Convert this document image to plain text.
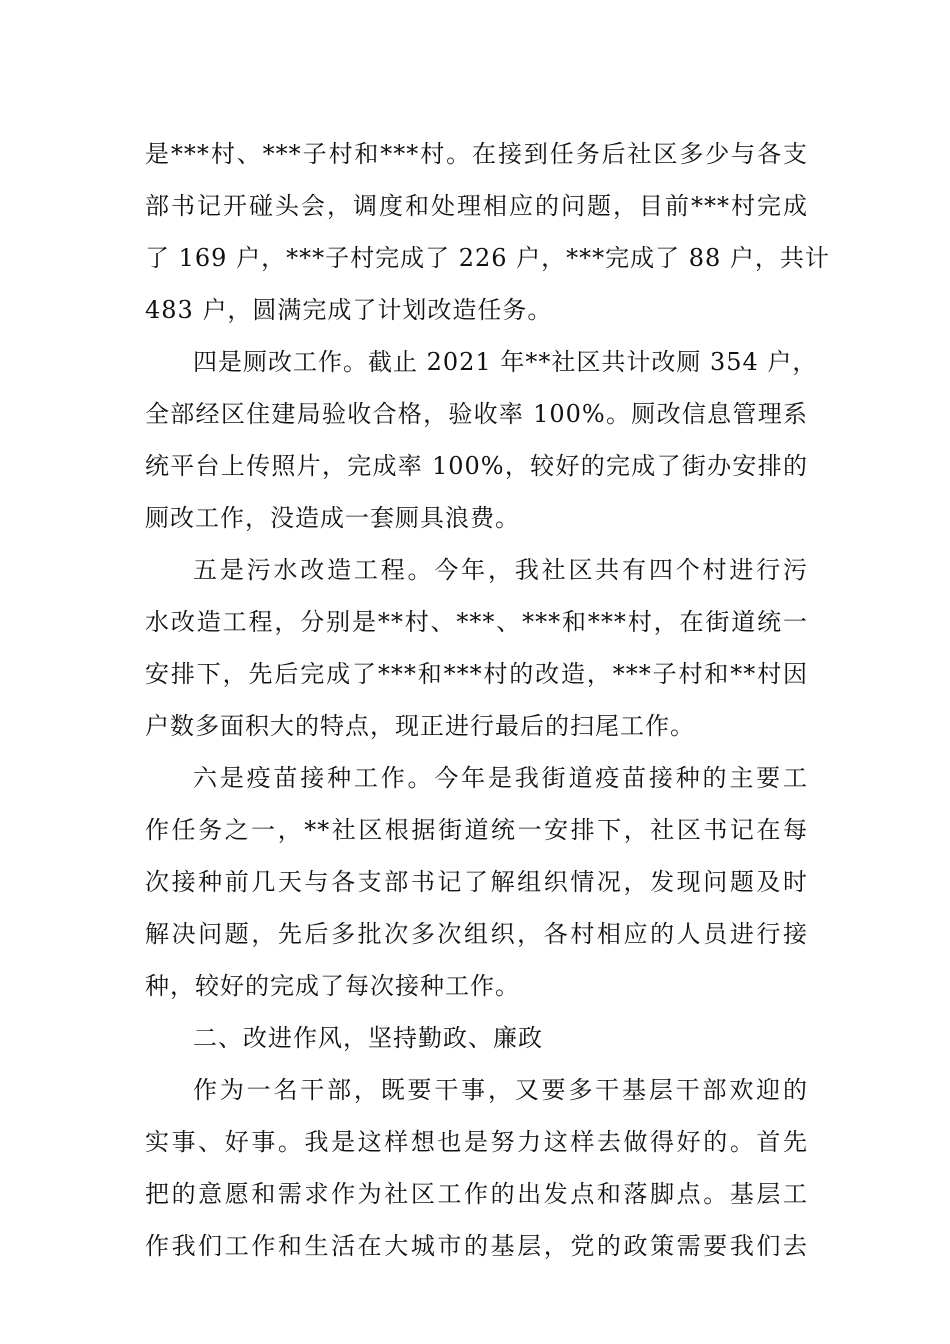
是***村、***子村和***村。在接到任务后社区多少与各支
部书记开碰头会，调度和处理相应的问题，目前***村完成
了 169 户，***子村完成了 226 户，***完成了 88 户，共计
483 户，圆满完成了计划改造任务。
四是厕改工作。截止 2021 年**社区共计改厕 354 户，
全部经区住建局验收合格，验收率 100%。厕改信息管理系
统平台上传照片，完成率 100%，较好的完成了街办安排的
厕改工作，没造成一套厕具浪费。
五是污水改造工程。今年，我社区共有四个村进行污
水改造工程，分别是**村、***、***和***村，在街道统一
安排下，先后完成了***和***村的改造，***子村和**村因
户数多面积大的特点，现正进行最后的扫尾工作。
六是疫苗接种工作。今年是我街道疫苗接种的主要工
作任务之一，**社区根据街道统一安排下，社区书记在每
次接种前几天与各支部书记了解组织情况，发现问题及时
解决问题，先后多批次多次组织，各村相应的人员进行接
种，较好的完成了每次接种工作。
二、改进作风，坚持勤政、廉政
作为一名干部，既要干事，又要多干基层干部欢迎的
实事、好事。我是这样想也是努力这样去做得好的。首先
把的意愿和需求作为社区工作的出发点和落脚点。基层工
作我们工作和生活在大城市的基层，党的政策需要我们去
